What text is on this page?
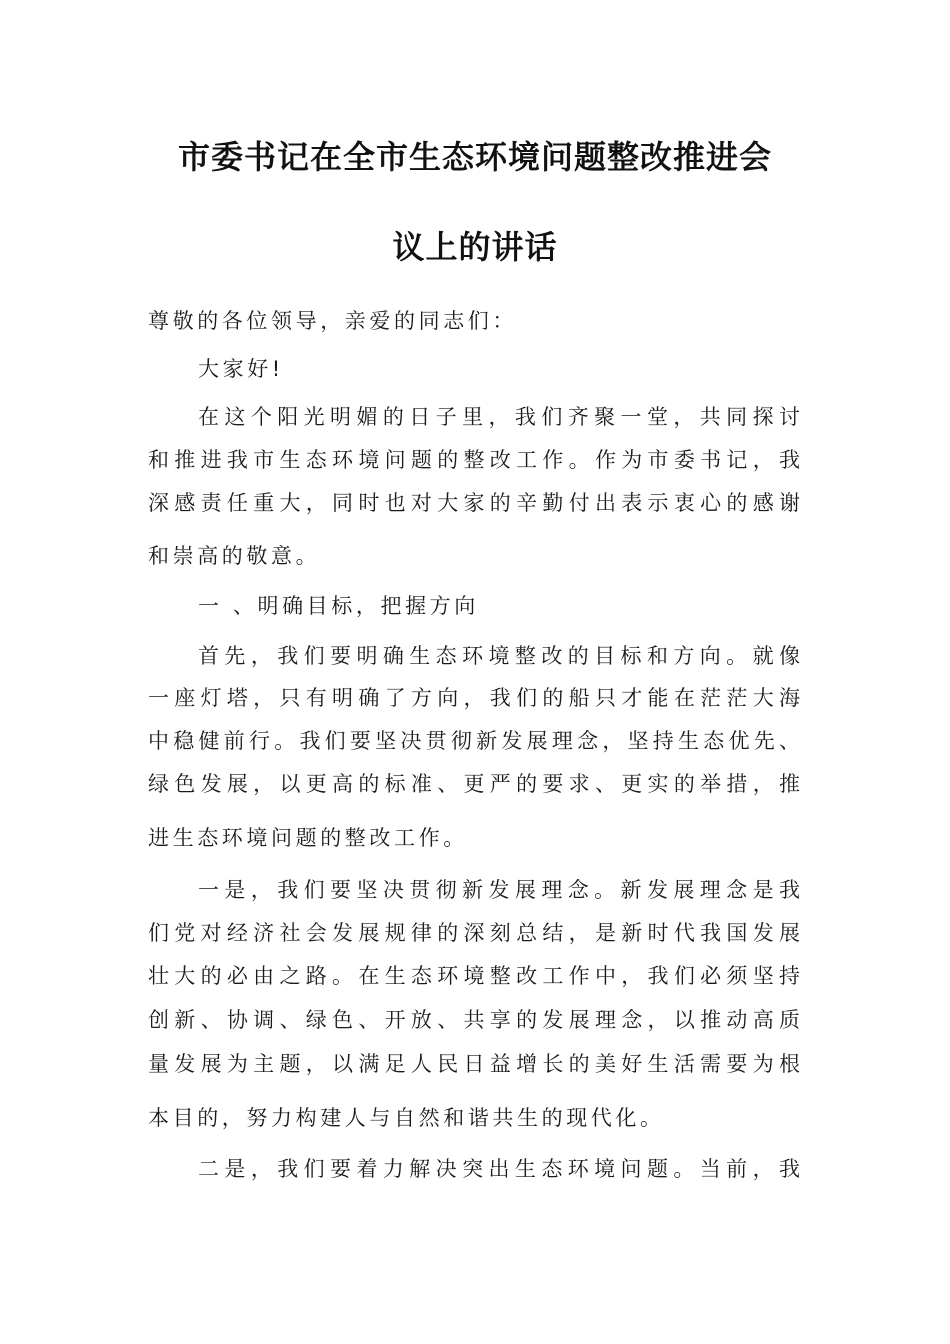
市委书记在全市生态环境问题整改推进会
议上的讲话
尊敬的各位领导，亲爱的同志们：
大家好!
在这个阳光明媚的日子里，我们齐聚一堂，共同探讨
和推进我市生态环境问题的整改工作。作为市委书记，我
深感责任重大，同时也对大家的辛勤付出表示衷心的感谢
和崇高的敬意。
一 、明确目标，把握方向
首先，我们要明确生态环境整改的目标和方向。就像
一座灯塔，只有明确了方向，我们的船只才能在茫茫大海
中稳健前行。我们要坚决贯彻新发展理念，坚持生态优先、
绿色发展，以更高的标准、更严的要求、更实的举措，推
进生态环境问题的整改工作。
一是，我们要坚决贯彻新发展理念。新发展理念是我
们党对经济社会发展规律的深刻总结，是新时代我国发展
壮大的必由之路。在生态环境整改工作中，我们必须坚持
创新、协调、绿色、开放、共享的发展理念，以推动高质
量发展为主题，以满足人民日益增长的美好生活需要为根
本目的，努力构建人与自然和谐共生的现代化。
二是，我们要着力解决突出生态环境问题。当前，我
